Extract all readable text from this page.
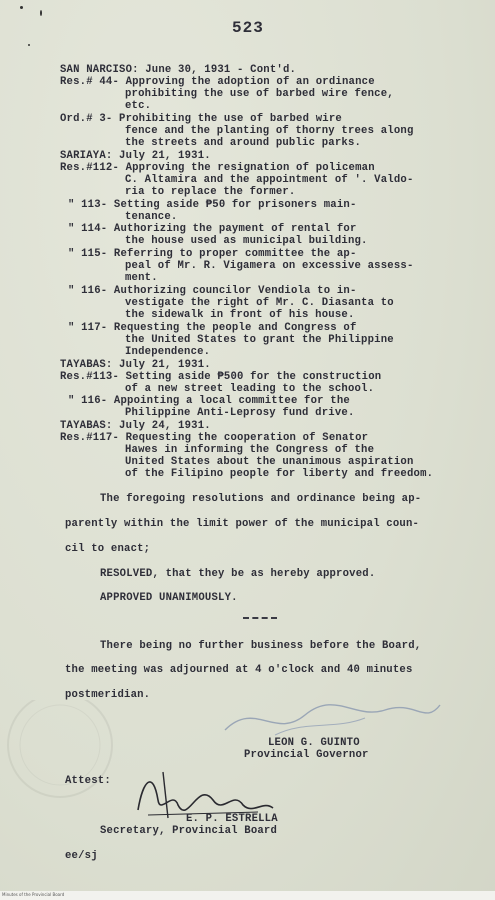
523
SAN NARCISO: June 30, 1931 - Cont'd.
Res.# 44- Approving the adoption of an ordinance
prohibiting the use of barbed wire fence,
etc.
Ord.# 3- Prohibiting the use of barbed wire
fence and the planting of thorny trees along
the streets and around public parks.
SARIAYA: July 21, 1931.
Res.#112- Approving the resignation of policeman
C. Altamira and the appointment of '. Valdo-
ria to replace the former.
" 113- Setting aside ₱50 for prisoners main-
tenance.
" 114- Authorizing the payment of rental for
the house used as municipal building.
" 115- Referring to proper committee the ap-
peal of Mr. R. Vigamera on excessive assess-
ment.
" 116- Authorizing councilor Vendiola to in-
vestigate the right of Mr. C. Diasanta to
the sidewalk in front of his house.
" 117- Requesting the people and Congress of
the United States to grant the Philippine
Independence.
TAYABAS: July 21, 1931.
Res.#113- Setting aside ₱500 for the construction
of a new street leading to the school.
" 116- Appointing a local committee for the
Philippine Anti-Leprosy fund drive.
TAYABAS: July 24, 1931.
Res.#117- Requesting the cooperation of Senator
Hawes in informing the Congress of the
United States about the unanimous aspiration
of the Filipino people for liberty and freedom.
The foregoing resolutions and ordinance being ap-
parently within the limit power of the municipal coun-
cil to enact;
RESOLVED, that they be as hereby approved.
APPROVED UNANIMOUSLY.
There being no further business before the Board,
the meeting was adjourned at 4 o'clock and 40 minutes
postmeridian.
LEON G. GUINTO
Provincial Governor
Attest:
E. P. ESTRELLA
Secretary, Provincial Board
ee/sj
Minutes of the Provincial Board
